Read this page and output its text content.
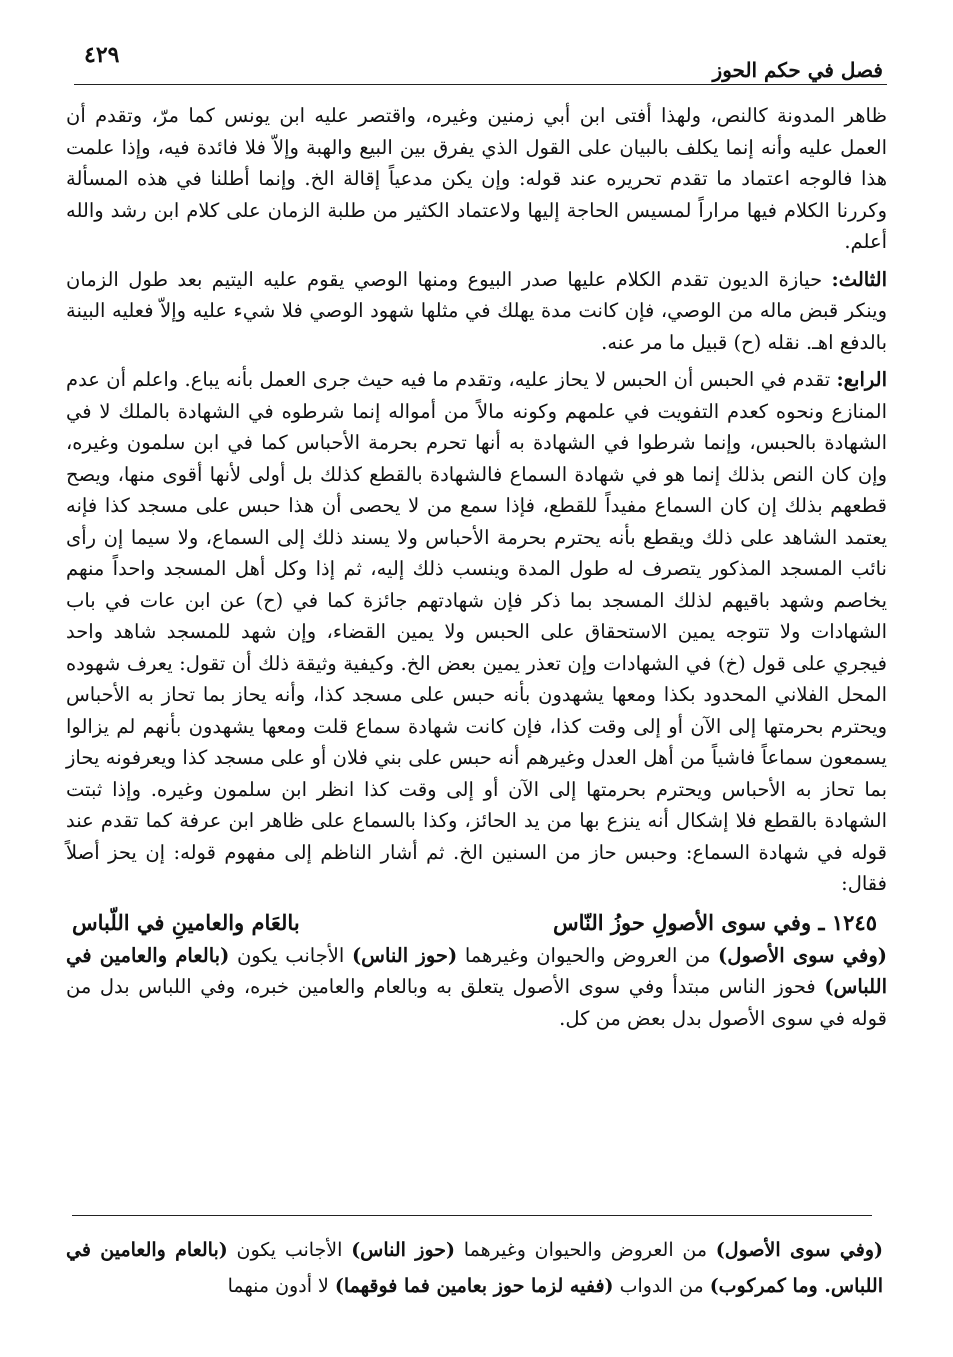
٤٢٩
فصل في حكم الحوز

ظاهر المدونة كالنص، ولهذا أفتى ابن أبي زمنين وغيره، واقتصر عليه ابن يونس كما مرّ، وتقدم أن العمل عليه وأنه إنما يكلف بالبيان على القول الذي يفرق بين البيع والهبة وإلاّ فلا فائدة فيه، وإذا علمت هذا فالوجه اعتماد ما تقدم تحريره عند قوله: وإن يكن مدعياً إقالة الخ. وإنما أطلنا في هذه المسألة وكررنا الكلام فيها مراراً لمسيس الحاجة إليها ولاعتماد الكثير من طلبة الزمان على كلام ابن رشد والله أعلم.

الثالث: حيازة الديون تقدم الكلام عليها صدر البيوع ومنها الوصي يقوم عليه اليتيم بعد طول الزمان وينكر قبض ماله من الوصي، فإن كانت مدة يهلك في مثلها شهود الوصي فلا شيء عليه وإلاّ فعليه البينة بالدفع اهـ. نقله (ح) قبيل ما مر عنه.

الرابع: تقدم في الحبس أن الحبس لا يحاز عليه، وتقدم ما فيه حيث جرى العمل بأنه يباع. واعلم أن عدم المنازع ونحوه كعدم التفويت في علمهم وكونه مالاً من أمواله إنما شرطوه في الشهادة بالملك لا في الشهادة بالحبس، وإنما شرطوا في الشهادة به أنها تحرم بحرمة الأحباس كما في ابن سلمون وغيره، وإن كان النص بذلك إنما هو في شهادة السماع فالشهادة بالقطع كذلك بل أولى لأنها أقوى منها، ويصح قطعهم بذلك إن كان السماع مفيداً للقطع، فإذا سمع من لا يحصى أن هذا حبس على مسجد كذا فإنه يعتمد الشاهد على ذلك ويقطع بأنه يحترم بحرمة الأحباس ولا يسند ذلك إلى السماع، ولا سيما إن رأى نائب المسجد المذكور يتصرف له طول المدة وينسب ذلك إليه، ثم إذا وكل أهل المسجد واحداً منهم يخاصم وشهد باقيهم لذلك المسجد بما ذكر فإن شهادتهم جائزة كما في (ح) عن ابن عات في باب الشهادات ولا تتوجه يمين الاستحقاق على الحبس ولا يمين القضاء، وإن شهد للمسجد شاهد واحد فيجري على قول (خ) في الشهادات وإن تعذر يمين بعض الخ. وكيفية وثيقة ذلك أن تقول: يعرف شهوده المحل الفلاني المحدود بكذا ومعها يشهدون بأنه حبس على مسجد كذا، وأنه يحاز بما تحاز به الأحباس ويحترم بحرمتها إلى الآن أو إلى وقت كذا، فإن كانت شهادة سماع قلت ومعها يشهدون بأنهم لم يزالوا يسمعون سماعاً فاشياً من أهل العدل وغيرهم أنه حبس على بني فلان أو على مسجد كذا ويعرفونه يحاز بما تحاز به الأحباس ويحترم بحرمتها إلى الآن أو إلى وقت كذا انظر ابن سلمون وغيره. وإذا ثبتت الشهادة بالقطع فلا إشكال أنه ينزع بها من يد الحائز، وكذا بالسماع على ظاهر ابن عرفة كما تقدم عند قوله في شهادة السماع: وحبس حاز من السنين الخ. ثم أشار الناظم إلى مفهوم قوله: إن يحز أصلاً فقال:

١٢٤٥ ـ وفي سوى الأصولِ حوزُ النّاس
بالعَام والعامينِ في اللّباس

(وفي سوى الأصول) من العروض والحيوان وغيرهما (حوز الناس) الأجانب يكون (بالعام والعامين في اللباس) فحوز الناس مبتدأ وفي سوى الأصول يتعلق به وبالعام والعامين خبره، وفي اللباس بدل من قوله في سوى الأصول بدل بعض من كل.

(وفي سوى الأصول) من العروض والحيوان وغيرهما (حوز الناس) الأجانب يكون (بالعام والعامين في اللباس. وما كمركوب) من الدواب (ففيه لزما حوز بعامين فما فوقهما) لا أدون منهما
